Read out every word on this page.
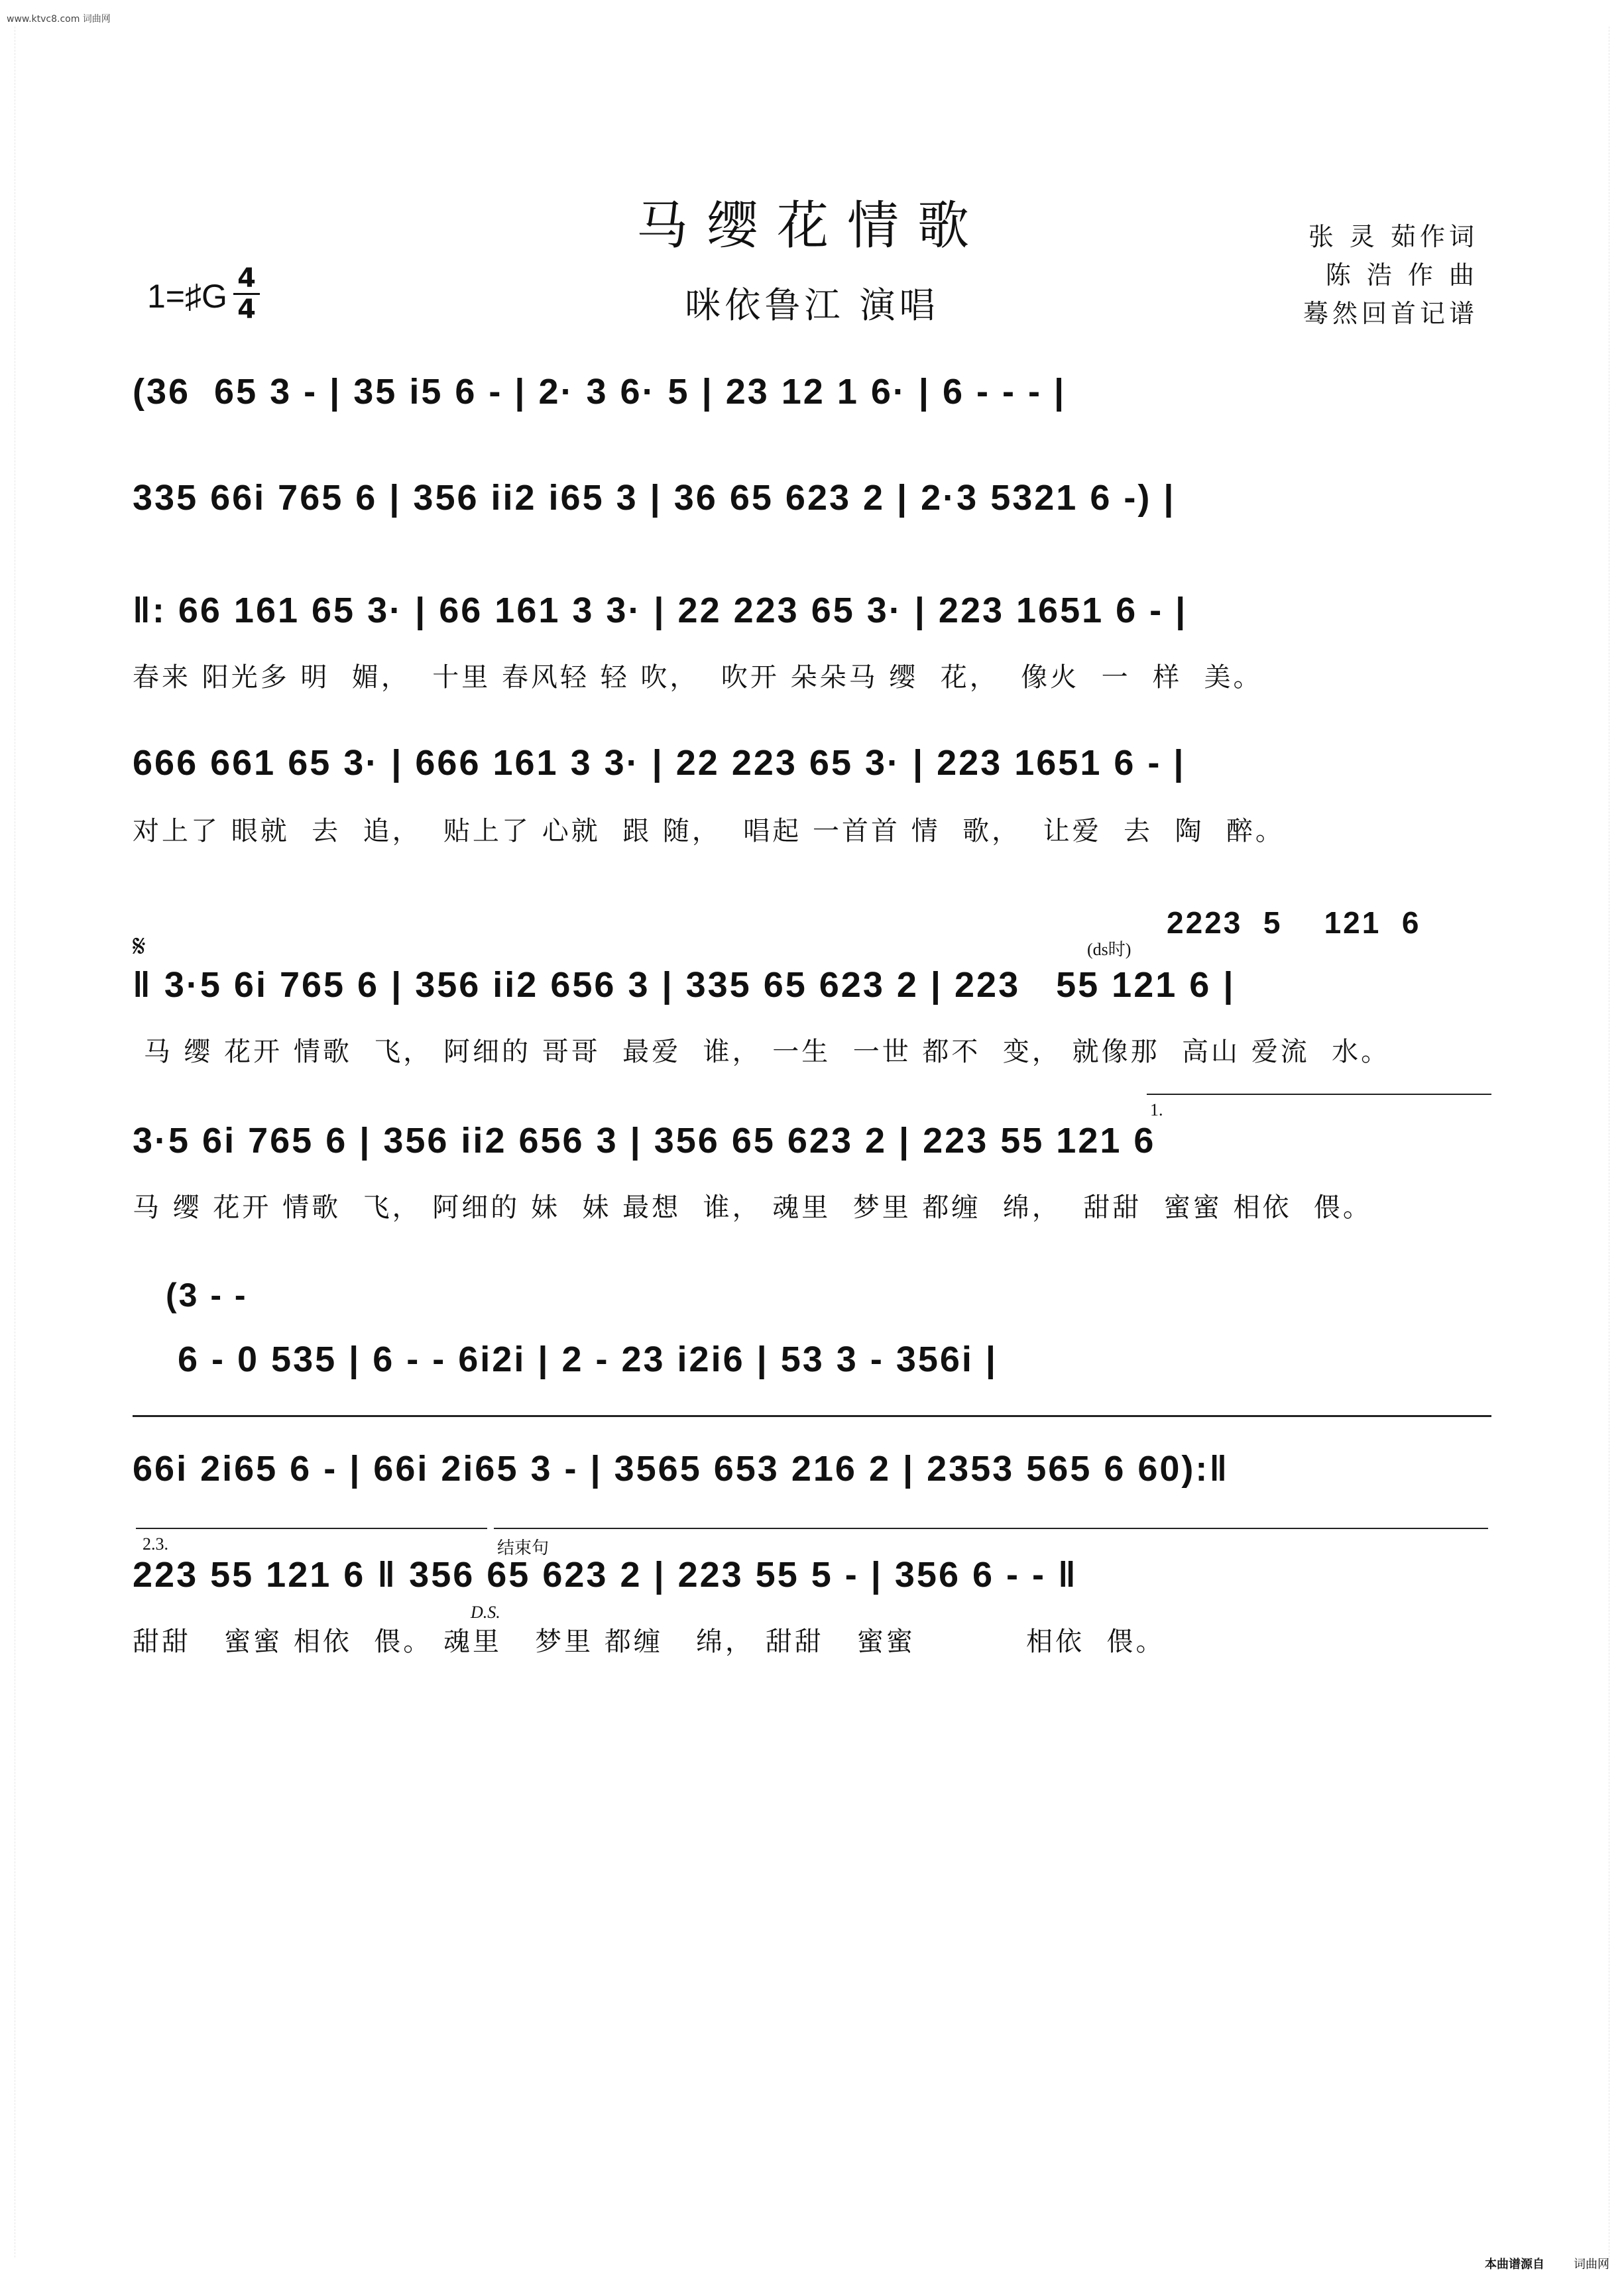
www.ktvc8.com 词曲网
马缨花情歌
咪依鲁江 演唱
1=♯G 4
4
张 灵 茹作词
陈 浩 作 曲
蓦然回首记谱
(36  65 3 - | 35 i5 6 - | 2· 3 6· 5 | 23 12 1 6· | 6 - - - |
335 66i 765 6 | 356 ii2 i65 3 | 36 65 623 2 | 2·3 5321 6 -) |
‖: 66 161 65 3· | 66 161 3 3· | 22 223 65 3· | 223 1651 6 - |
春来 阳光多 明  媚，  十里 春风轻 轻 吹，  吹开 朵朵马 缨  花，  像火  一  样  美。
666 661 65 3· | 666 161 3 3· | 22 223 65 3· | 223 1651 6 - |
对上了 眼就  去  追，  贴上了 心就  跟 随，  唱起 一首首 情  歌，  让爱  去  陶  醉。
𝄋
2223  5    121  6
(ds时)
‖ 3·5 6i 765 6 | 356 ii2 656 3 | 335 65 623 2 | 223   55 121 6 |
马 缨 花开 情歌  飞， 阿细的 哥哥  最爱  谁， 一生  一世 都不  变， 就像那  高山 爱流  水。
1.
3·5 6i 765 6 | 356 ii2 656 3 | 356 65 623 2 | 223 55 121 6
马 缨 花开 情歌  飞， 阿细的 妹  妹 最想  谁， 魂里  梦里 都缠  绵，  甜甜  蜜蜜 相依  偎。
(3 - -
6 - 0 535 | 6 - - 6i2i | 2 - 23 i2i6 | 53 3 - 356i |
66i 2i65 6 - | 66i 2i65 3 - | 3565 653 216 2 | 2353 565 6 60):‖
2.3.	结束句
223 55 121 6 ‖ 356 65 623 2 | 223 55 5 - | 356 6 - - ‖
D.S.
甜甜   蜜蜜 相依  偎。 魂里   梦里 都缠   绵， 甜甜   蜜蜜          相依  偎。
本曲谱源自 词曲网
